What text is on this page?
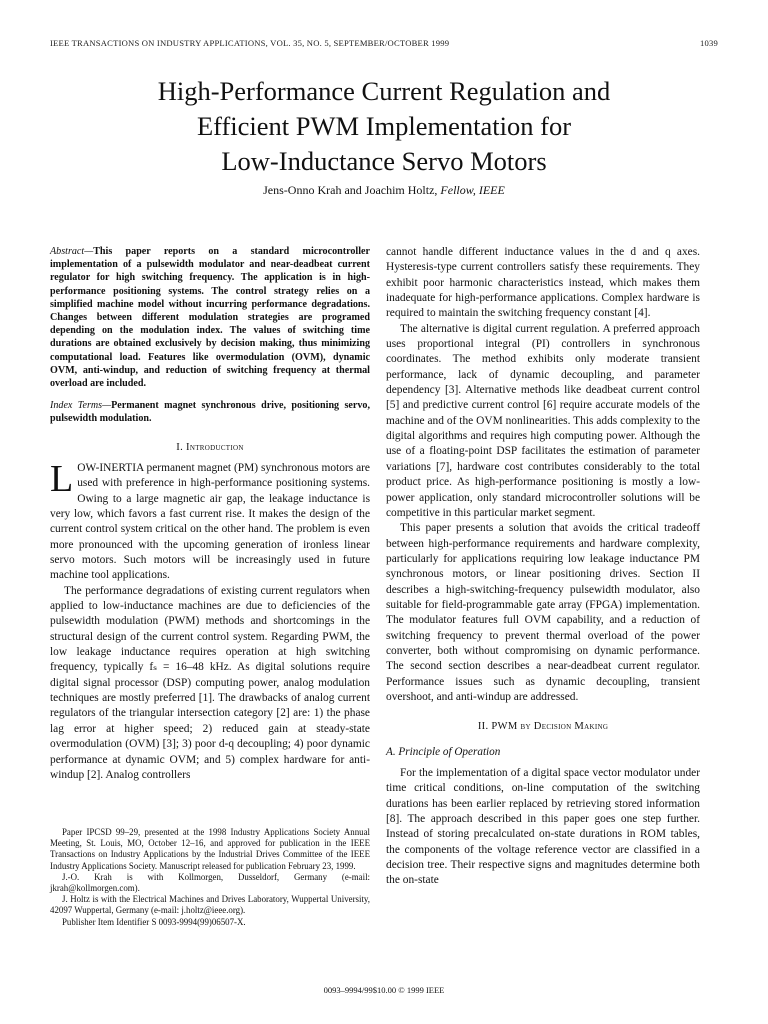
IEEE TRANSACTIONS ON INDUSTRY APPLICATIONS, VOL. 35, NO. 5, SEPTEMBER/OCTOBER 1999	1039
High-Performance Current Regulation and
Efficient PWM Implementation for
Low-Inductance Servo Motors
Jens-Onno Krah and Joachim Holtz, Fellow, IEEE
Abstract—This paper reports on a standard microcontroller implementation of a pulsewidth modulator and near-deadbeat current regulator for high switching frequency. The application is in high-performance positioning systems. The control strategy relies on a simplified machine model without incurring performance degradations. Changes between different modulation strategies are programed depending on the modulation index. The values of switching time durations are obtained exclusively by decision making, thus minimizing computational load. Features like overmodulation (OVM), dynamic OVM, anti-windup, and reduction of switching frequency at thermal overload are included.
Index Terms—Permanent magnet synchronous drive, positioning servo, pulsewidth modulation.
I. Introduction

LOW-INERTIA permanent magnet (PM) synchronous motors are used with preference in high-performance positioning systems. Owing to a large magnetic air gap, the leakage inductance is very low, which favors a fast current rise. It makes the design of the current control system critical on the other hand. The problem is even more pronounced with the upcoming generation of ironless linear servo motors. Such motors will be increasingly used in future machine tool applications.

The performance degradations of existing current regulators when applied to low-inductance machines are due to deficiencies of the pulsewidth modulation (PWM) methods and shortcomings in the structural design of the current control system. Regarding PWM, the low leakage inductance requires operation at high switching frequency, typically fₛ = 16–48 kHz. As digital solutions require digital signal processor (DSP) computing power, analog modulation techniques are mostly preferred [1]. The drawbacks of analog current regulators of the triangular intersection category [2] are: 1) the phase lag error at higher speed; 2) reduced gain at steady-state overmodulation (OVM) [3]; 3) poor d-q decoupling; 4) poor dynamic performance at dynamic OVM; and 5) complex hardware for anti-windup [2]. Analog controllers

Paper IPCSD 99–29, presented at the 1998 Industry Applications Society Annual Meeting, St. Louis, MO, October 12–16, and approved for publication in the IEEE Transactions on Industry Applications by the Industrial Drives Committee of the IEEE Industry Applications Society. Manuscript released for publication February 23, 1999.

J.-O. Krah is with Kollmorgen, Dusseldorf, Germany (e-mail: jkrah@kollmorgen.com).

J. Holtz is with the Electrical Machines and Drives Laboratory, Wuppertal University, 42097 Wuppertal, Germany (e-mail: j.holtz@ieee.org).

Publisher Item Identifier S 0093-9994(99)06507-X.

cannot handle different inductance values in the d and q axes. Hysteresis-type current controllers satisfy these requirements. They exhibit poor harmonic characteristics instead, which makes them inadequate for high-performance applications. Complex hardware is required to maintain the switching frequency constant [4].

The alternative is digital current regulation. A preferred approach uses proportional integral (PI) controllers in synchronous coordinates. The method exhibits only moderate transient performance, lack of dynamic decoupling, and parameter dependency [3]. Alternative methods like deadbeat current control [5] and predictive current control [6] require accurate models of the machine and of the OVM nonlinearities. This adds complexity to the digital algorithms and requires high computing power. Although the use of a floating-point DSP facilitates the estimation of parameter variations [7], hardware cost contributes considerably to the total product price. As high-performance positioning is mostly a low-power application, only standard microcontroller solutions will be competitive in this particular market segment.

This paper presents a solution that avoids the critical tradeoff between high-performance requirements and hardware complexity, particularly for applications requiring low leakage inductance PM synchronous motors, or linear positioning drives. Section II describes a high-switching-frequency pulsewidth modulator, also suitable for field-programmable gate array (FPGA) implementation. The modulator features full OVM capability, and a reduction of switching frequency to prevent thermal overload of the power converter, both without compromising on dynamic performance. The second section describes a near-deadbeat current regulator. Performance issues such as dynamic decoupling, transient overshoot, and anti-windup are addressed.

II. PWM by Decision Making
A. Principle of Operation

For the implementation of a digital space vector modulator under time critical conditions, on-line computation of the switching durations has been earlier replaced by retrieving stored information [8]. The approach described in this paper goes one step further. Instead of storing precalculated on-state durations in ROM tables, the components of the voltage reference vector are classified in a decision tree. Their respective signs and magnitudes determine both the on-state

0093–9994/99$10.00 © 1999 IEEE
